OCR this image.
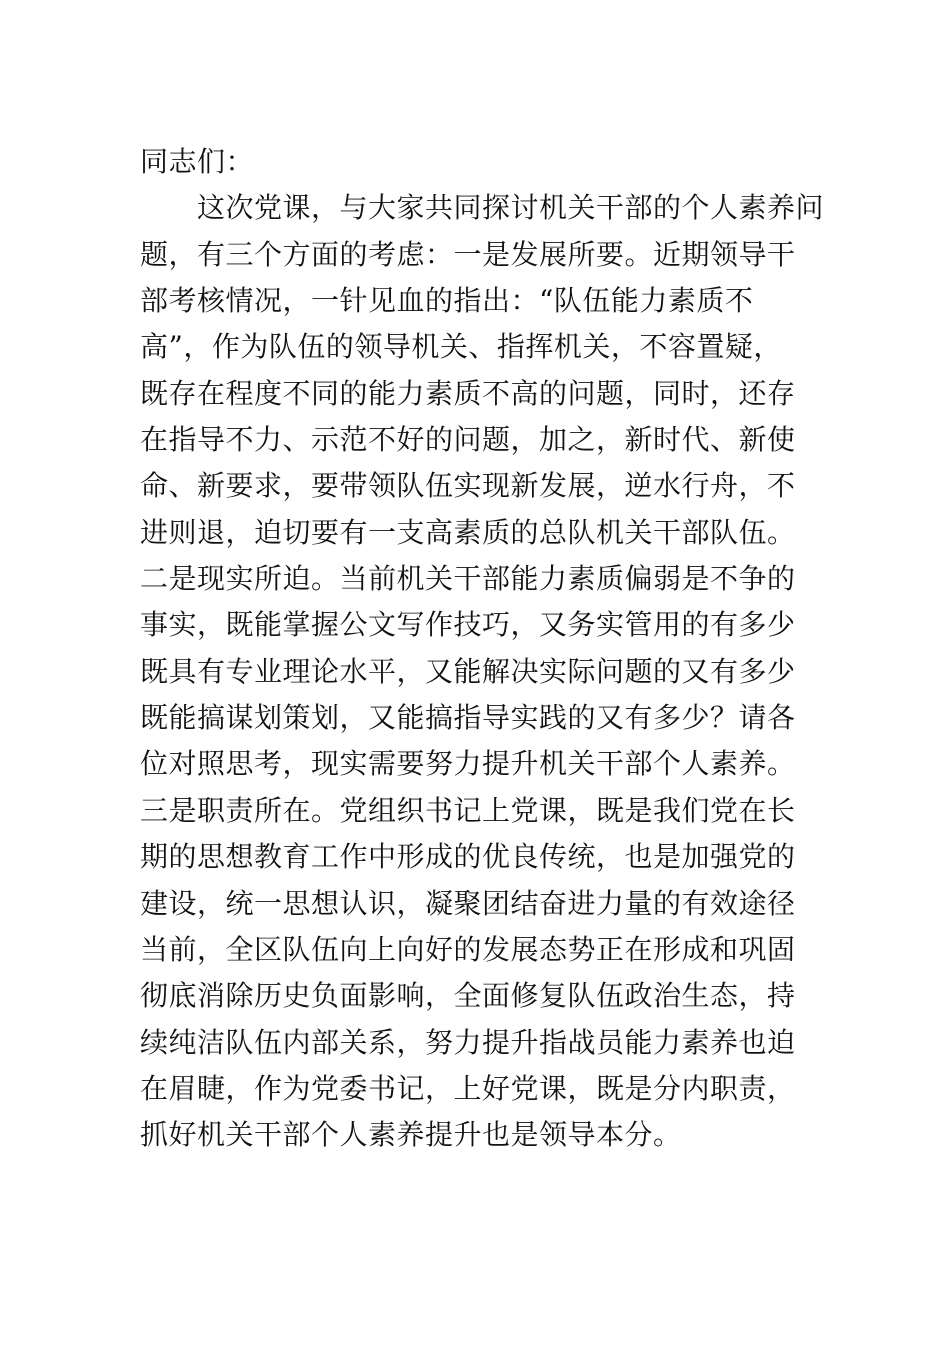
同志们：
　　这次党课，与大家共同探讨机关干部的个人素养问
题，有三个方面的考虑：一是发展所要。近期领导干
部考核情况，一针见血的指出：“队伍能力素质不
高”，作为队伍的领导机关、指挥机关，不容置疑，
既存在程度不同的能力素质不高的问题，同时，还存
在指导不力、示范不好的问题，加之，新时代、新使
命、新要求，要带领队伍实现新发展，逆水行舟，不
进则退，迫切要有一支高素质的总队机关干部队伍。
二是现实所迫。当前机关干部能力素质偏弱是不争的
事实，既能掌握公文写作技巧，又务实管用的有多少
既具有专业理论水平，又能解决实际问题的又有多少
既能搞谋划策划，又能搞指导实践的又有多少？请各
位对照思考，现实需要努力提升机关干部个人素养。
三是职责所在。党组织书记上党课，既是我们党在长
期的思想教育工作中形成的优良传统，也是加强党的
建设，统一思想认识，凝聚团结奋进力量的有效途径
当前，全区队伍向上向好的发展态势正在形成和巩固
彻底消除历史负面影响，全面修复队伍政治生态，持
续纯洁队伍内部关系，努力提升指战员能力素养也迫
在眉睫，作为党委书记，上好党课，既是分内职责，
抓好机关干部个人素养提升也是领导本分。
